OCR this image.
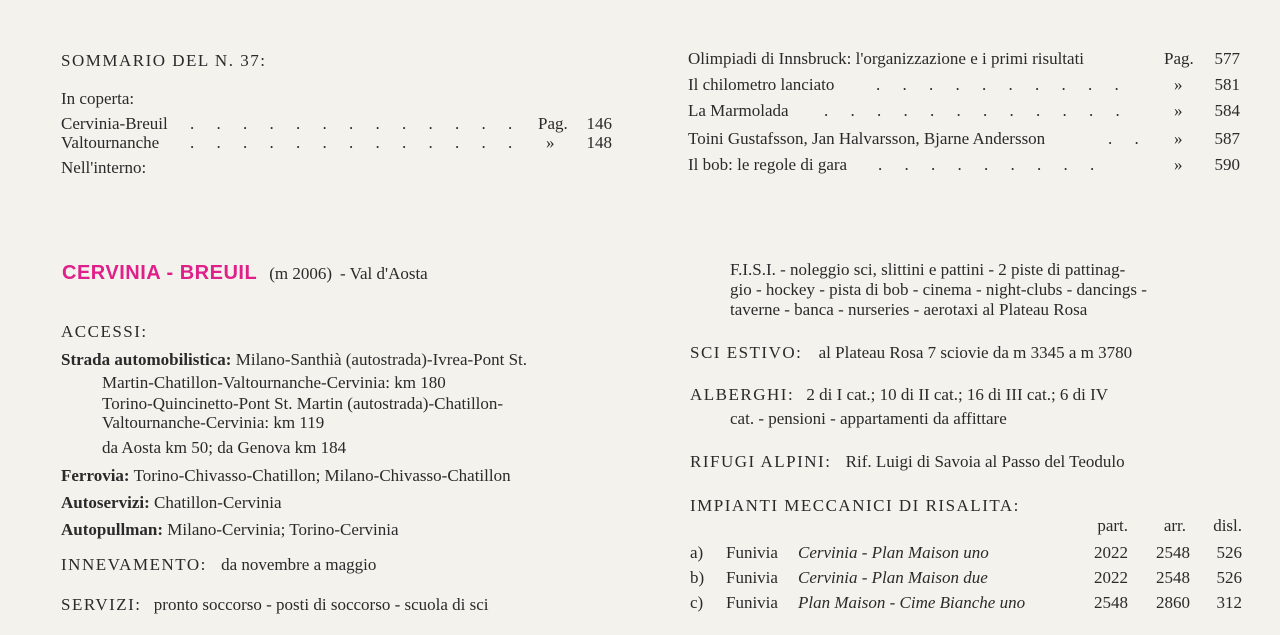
SOMMARIO DEL N. 37:
In coperta:
Cervinia-Breuil . . . . . . . . . . . . . Pag.	146
Valtournanche . . . . . . . . . . . . . »	148
Nell'interno:
Olimpiadi di Innsbruck: l'organizzazione e i primi risultati	Pag.	577
Il chilometro lanciato . . . . . . . . . .	»	581
La Marmolada . . . . . . . . . . . .	»	584
Toini Gustafsson, Jan Halvarsson, Bjarne Andersson	. . »	587
Il bob: le regole di gara . . . . . . . . .	»	590
CERVINIA - BREUIL (m 2006) - Val d'Aosta
ACCESSI:
Strada automobilistica: Milano-Santhià (autostrada)-Ivrea-Pont St.
Martin-Chatillon-Valtournanche-Cervinia: km 180
Torino-Quincinetto-Pont St. Martin (autostrada)-Chatillon-
Valtournanche-Cervinia: km 119
da Aosta km 50; da Genova km 184
Ferrovia: Torino-Chivasso-Chatillon; Milano-Chivasso-Chatillon
Autoservizi: Chatillon-Cervinia
Autopullman: Milano-Cervinia; Torino-Cervinia
INNEVAMENTO: da novembre a maggio
SERVIZI: pronto soccorso - posti di soccorso - scuola di sci
F.I.S.I. - noleggio sci, slittini e pattini - 2 piste di pattinag-
gio - hockey - pista di bob - cinema - night-clubs - dancings -
taverne - banca - nurseries - aerotaxi al Plateau Rosa
SCI ESTIVO: al Plateau Rosa 7 sciovie da m 3345 a m 3780
ALBERGHI: 2 di I cat.; 10 di II cat.; 16 di III cat.; 6 di IV
cat. - pensioni - appartamenti da affittare
RIFUGI ALPINI: Rif. Luigi di Savoia al Passo del Teodulo
IMPIANTI MECCANICI DI RISALITA:
part.	arr.	disl.
a) Funivia Cervinia - Plan Maison uno	2022	2548	526
b) Funivia Cervinia - Plan Maison due	2022	2548	526
c) Funivia Plan Maison - Cime Bianche uno	2548	2860	312
